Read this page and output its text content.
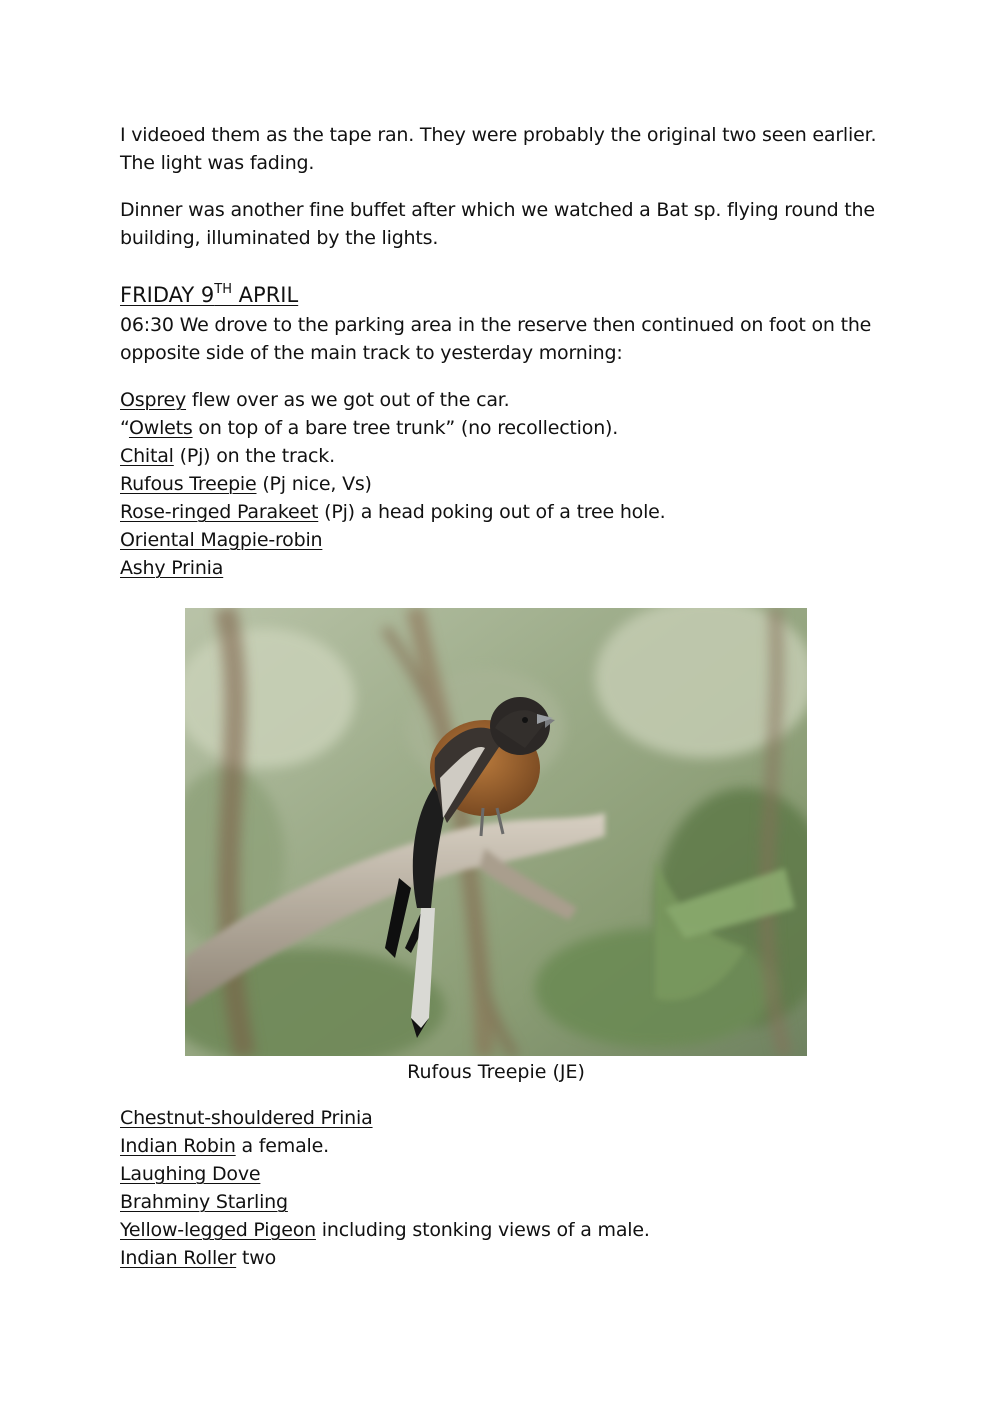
I videoed them as the tape ran. They were probably the original two seen earlier.
The light was fading.
Dinner was another fine buffet after which we watched a Bat sp. flying round the
building, illuminated by the lights.
FRIDAY 9TH APRIL
06:30 We drove to the parking area in the reserve then continued on foot on the
opposite side of the main track to yesterday morning:
Osprey flew over as we got out of the car.
“Owlets on top of a bare tree trunk” (no recollection).
Chital (Pj) on the track.
Rufous Treepie (Pj nice, Vs)
Rose-ringed Parakeet (Pj) a head poking out of a tree hole.
Oriental Magpie-robin
Ashy Prinia
Rufous Treepie (JE)
Chestnut-shouldered Prinia
Indian Robin a female.
Laughing Dove
Brahminy Starling
Yellow-legged Pigeon including stonking views of a male.
Indian Roller two
